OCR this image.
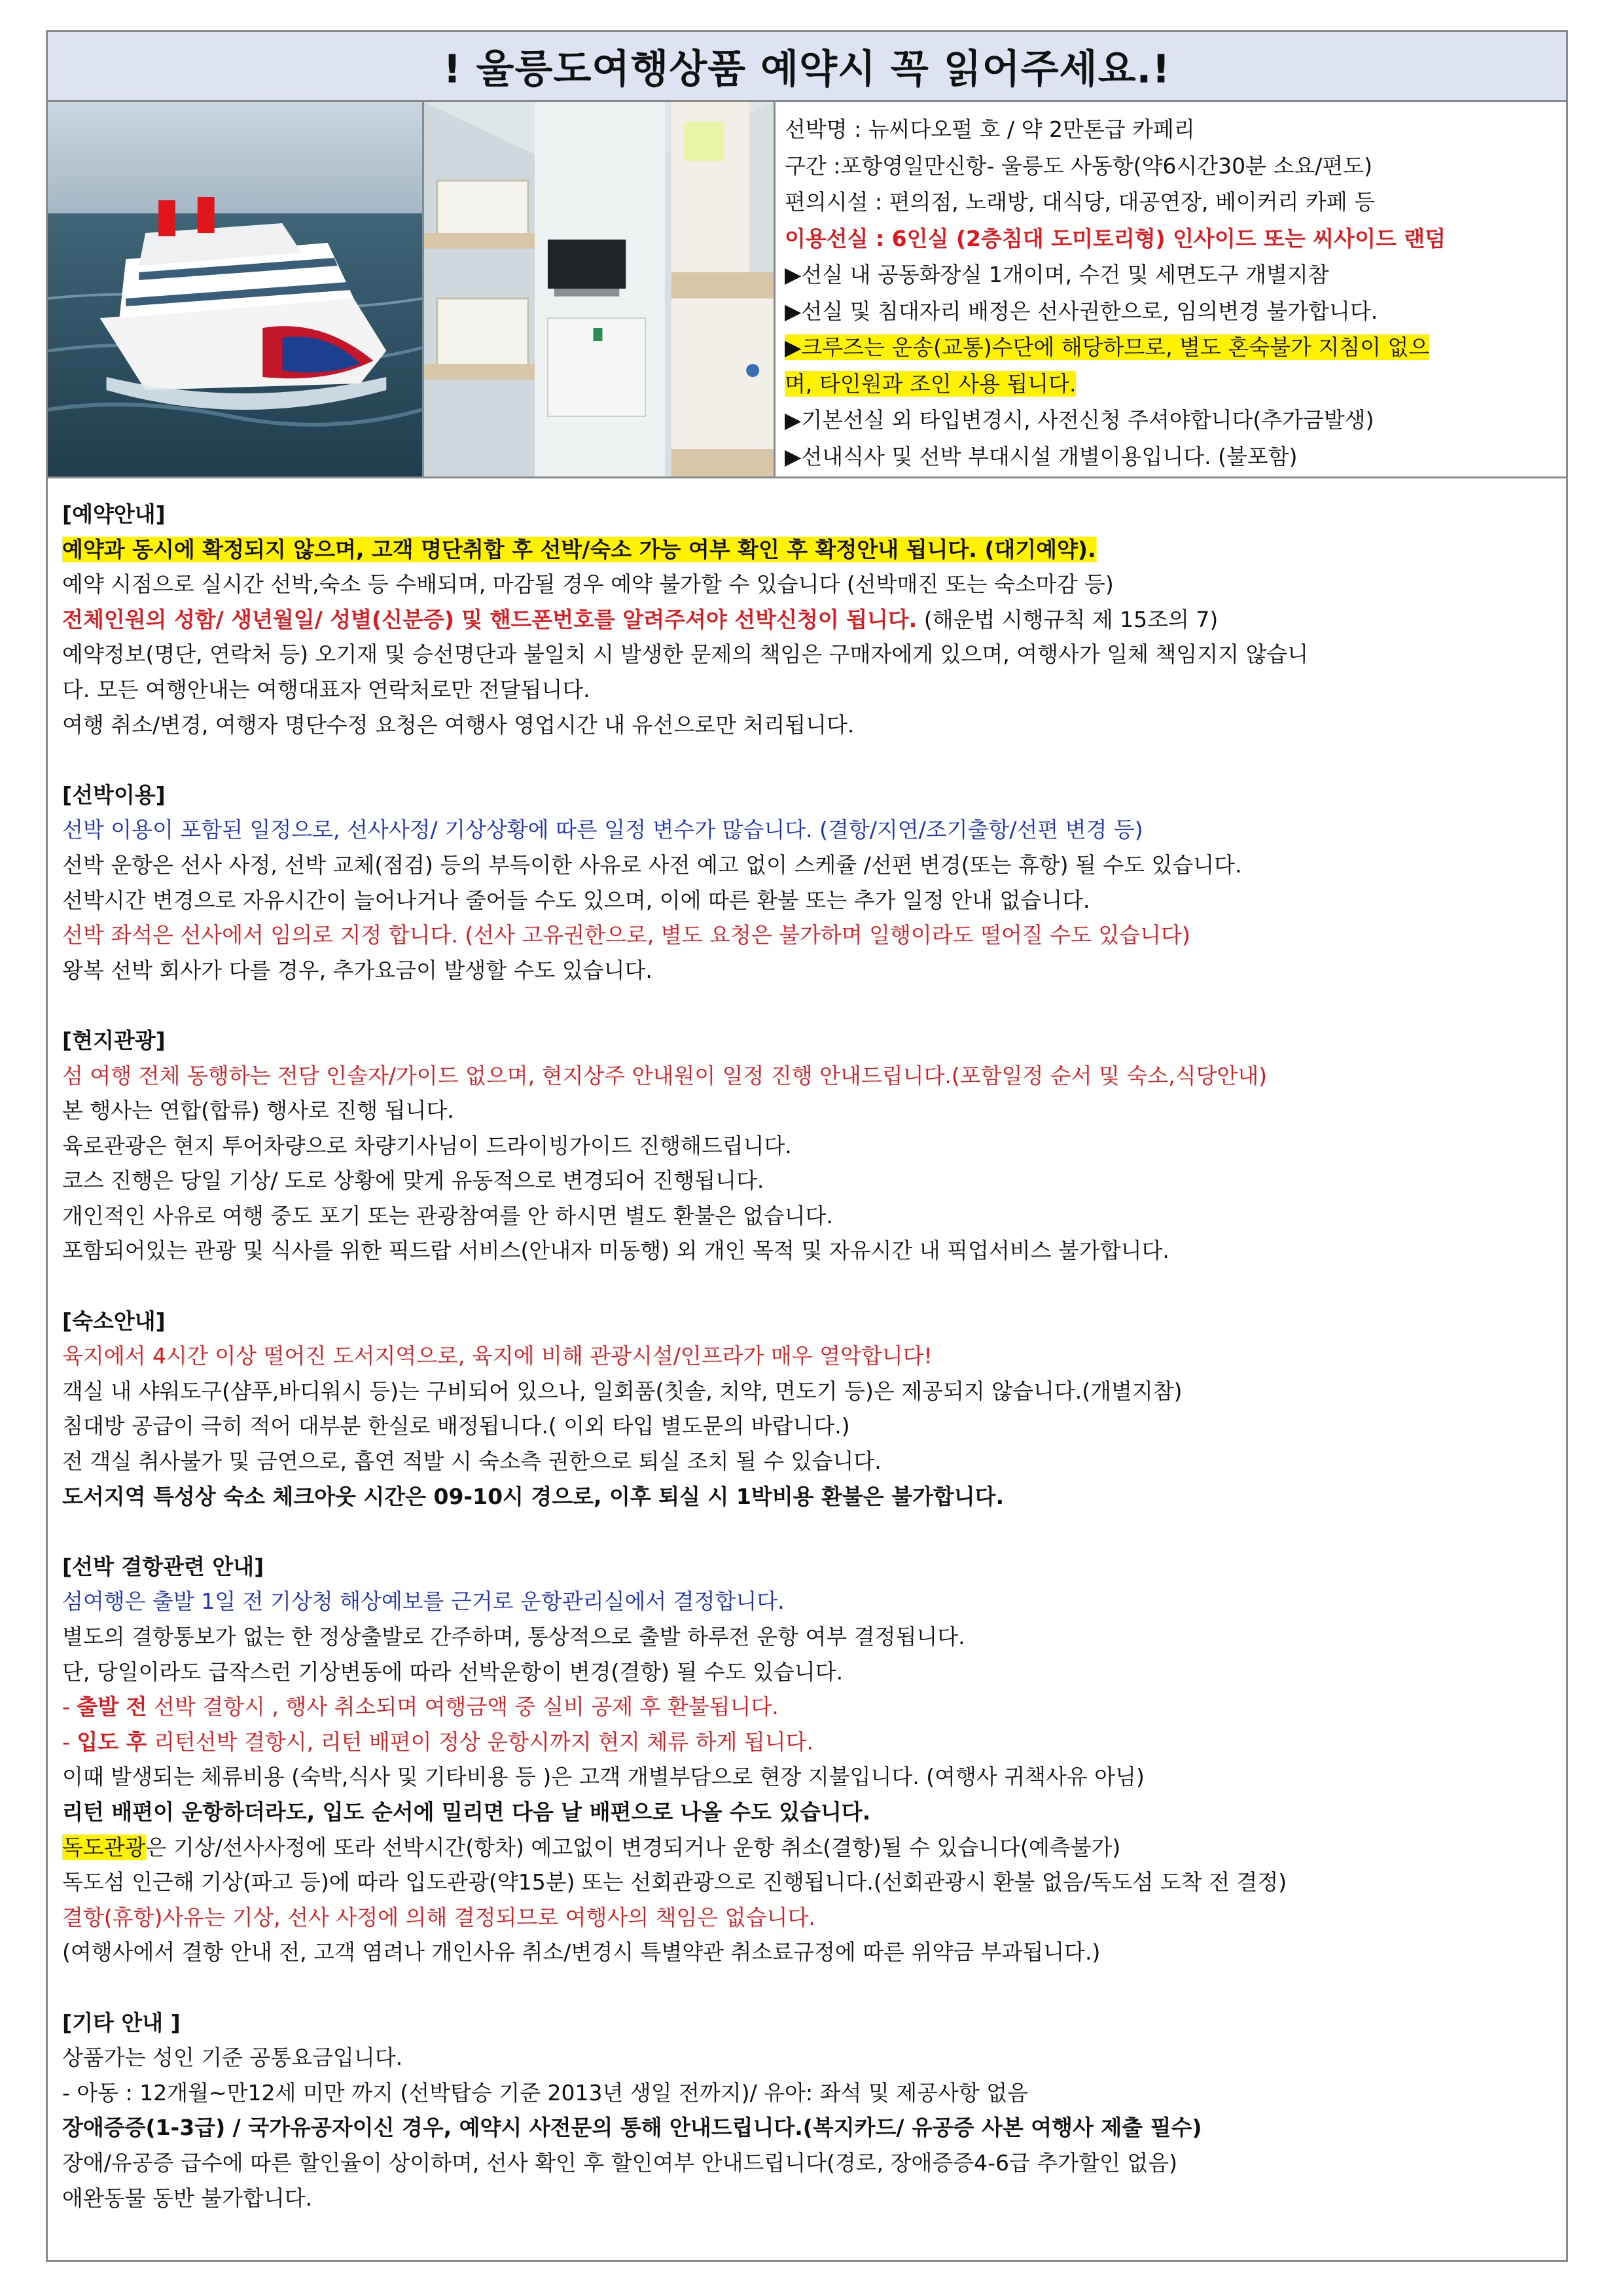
! 울릉도여행상품 예약시 꼭 읽어주세요.!
선박명 : 뉴씨다오펄 호 / 약 2만톤급 카페리
구간 :포항영일만신항- 울릉도 사동항(약6시간30분 소요/편도)
편의시설 : 편의점, 노래방, 대식당, 대공연장, 베이커리 카페 등
이용선실 : 6인실 (2층침대 도미토리형) 인사이드 또는 씨사이드 랜덤
▶선실 내 공동화장실 1개이며, 수건 및 세면도구 개별지참
▶선실 및 침대자리 배정은 선사권한으로, 임의변경 불가합니다.
▶크루즈는 운송(교통)수단에 해당하므로, 별도 혼숙불가 지침이 없으
며, 타인원과 조인 사용 됩니다.
▶기본선실 외 타입변경시, 사전신청 주셔야합니다(추가금발생)
▶선내식사 및 선박 부대시설 개별이용입니다. (불포함)

[예약안내]

예약과 동시에 확정되지 않으며, 고객 명단취합 후 선박/숙소 가능 여부 확인 후 확정안내 됩니다. (대기예약).

예약 시점으로 실시간 선박,숙소 등 수배되며, 마감될 경우 예약 불가할 수 있습니다 (선박매진 또는 숙소마감 등)

전체인원의 성함/ 생년월일/ 성별(신분증) 및 핸드폰번호를 알려주셔야 선박신청이 됩니다. (해운법 시행규칙 제 15조의 7)

예약정보(명단, 연락처 등) 오기재 및 승선명단과 불일치 시 발생한 문제의 책임은 구매자에게 있으며, 여행사가 일체 책임지지 않습니

다. 모든 여행안내는 여행대표자 연락처로만 전달됩니다.

여행 취소/변경, 여행자 명단수정 요청은 여행사 영업시간 내 유선으로만 처리됩니다.

[선박이용]

선박 이용이 포함된 일정으로, 선사사정/ 기상상황에 따른 일정 변수가 많습니다. (결항/지연/조기출항/선편 변경 등)

선박 운항은 선사 사정, 선박 교체(점검) 등의 부득이한 사유로 사전 예고 없이 스케쥴 /선편 변경(또는 휴항) 될 수도 있습니다.

선박시간 변경으로 자유시간이 늘어나거나 줄어들 수도 있으며, 이에 따른 환불 또는 추가 일정 안내 없습니다.

선박 좌석은 선사에서 임의로 지정 합니다. (선사 고유권한으로, 별도 요청은 불가하며 일행이라도 떨어질 수도 있습니다)

왕복 선박 회사가 다를 경우, 추가요금이 발생할 수도 있습니다.

[현지관광]

섬 여행 전체 동행하는 전담 인솔자/가이드 없으며, 현지상주 안내원이 일정 진행 안내드립니다.(포함일정 순서 및 숙소,식당안내)

본 행사는 연합(합류) 행사로 진행 됩니다.

육로관광은 현지 투어차량으로 차량기사님이 드라이빙가이드 진행해드립니다.

코스 진행은 당일 기상/ 도로 상황에 맞게 유동적으로 변경되어 진행됩니다.

개인적인 사유로 여행 중도 포기 또는 관광참여를 안 하시면 별도 환불은 없습니다.

포함되어있는 관광 및 식사를 위한 픽드랍 서비스(안내자 미동행) 외 개인 목적 및 자유시간 내 픽업서비스 불가합니다.

[숙소안내]

육지에서 4시간 이상 떨어진 도서지역으로, 육지에 비해 관광시설/인프라가 매우 열악합니다!

객실 내 샤워도구(샴푸,바디워시 등)는 구비되어 있으나, 일회품(칫솔, 치약, 면도기 등)은 제공되지 않습니다.(개별지참)

침대방 공급이 극히 적어 대부분 한실로 배정됩니다.( 이외 타입 별도문의 바랍니다.)

전 객실 취사불가 및 금연으로, 흡연 적발 시 숙소측 권한으로 퇴실 조치 될 수 있습니다.

도서지역 특성상 숙소 체크아웃 시간은 09-10시 경으로, 이후 퇴실 시 1박비용 환불은 불가합니다.

[선박 결항관련 안내]

섬여행은 출발 1일 전 기상청 해상예보를 근거로 운항관리실에서 결정합니다.

별도의 결항통보가 없는 한 정상출발로 간주하며, 통상적으로 출발 하루전 운항 여부 결정됩니다.

단, 당일이라도 급작스런 기상변동에 따라 선박운항이 변경(결항) 될 수도 있습니다.

- 출발 전 선박 결항시 , 행사 취소되며 여행금액 중 실비 공제 후 환불됩니다.

- 입도 후 리턴선박 결항시, 리턴 배편이 정상 운항시까지 현지 체류 하게 됩니다.

이때 발생되는 체류비용 (숙박,식사 및 기타비용 등 )은 고객 개별부담으로 현장 지불입니다. (여행사 귀책사유 아님)

리턴 배편이 운항하더라도, 입도 순서에 밀리면 다음 날 배편으로 나올 수도 있습니다.

독도관광은 기상/선사사정에 또라 선박시간(항차) 예고없이 변경되거나 운항 취소(결항)될 수 있습니다(예측불가)

독도섬 인근해 기상(파고 등)에 따라 입도관광(약15분) 또는 선회관광으로 진행됩니다.(선회관광시 환불 없음/독도섬 도착 전 결정)

결항(휴항)사유는 기상, 선사 사정에 의해 결정되므로 여행사의 책임은 없습니다.

(여행사에서 결항 안내 전, 고객 염려나 개인사유 취소/변경시 특별약관 취소료규정에 따른 위약금 부과됩니다.)

[기타 안내 ]

상품가는 성인 기준 공통요금입니다.

- 아동 : 12개월~만12세 미만 까지 (선박탑승 기준 2013년 생일 전까지)/ 유아: 좌석 및 제공사항 없음

장애증증(1-3급) / 국가유공자이신 경우, 예약시 사전문의 통해 안내드립니다.(복지카드/ 유공증 사본 여행사 제출 필수)

장애/유공증 급수에 따른 할인율이 상이하며, 선사 확인 후 할인여부 안내드립니다(경로, 장애증증4-6급 추가할인 없음)

애완동물 동반 불가합니다.
